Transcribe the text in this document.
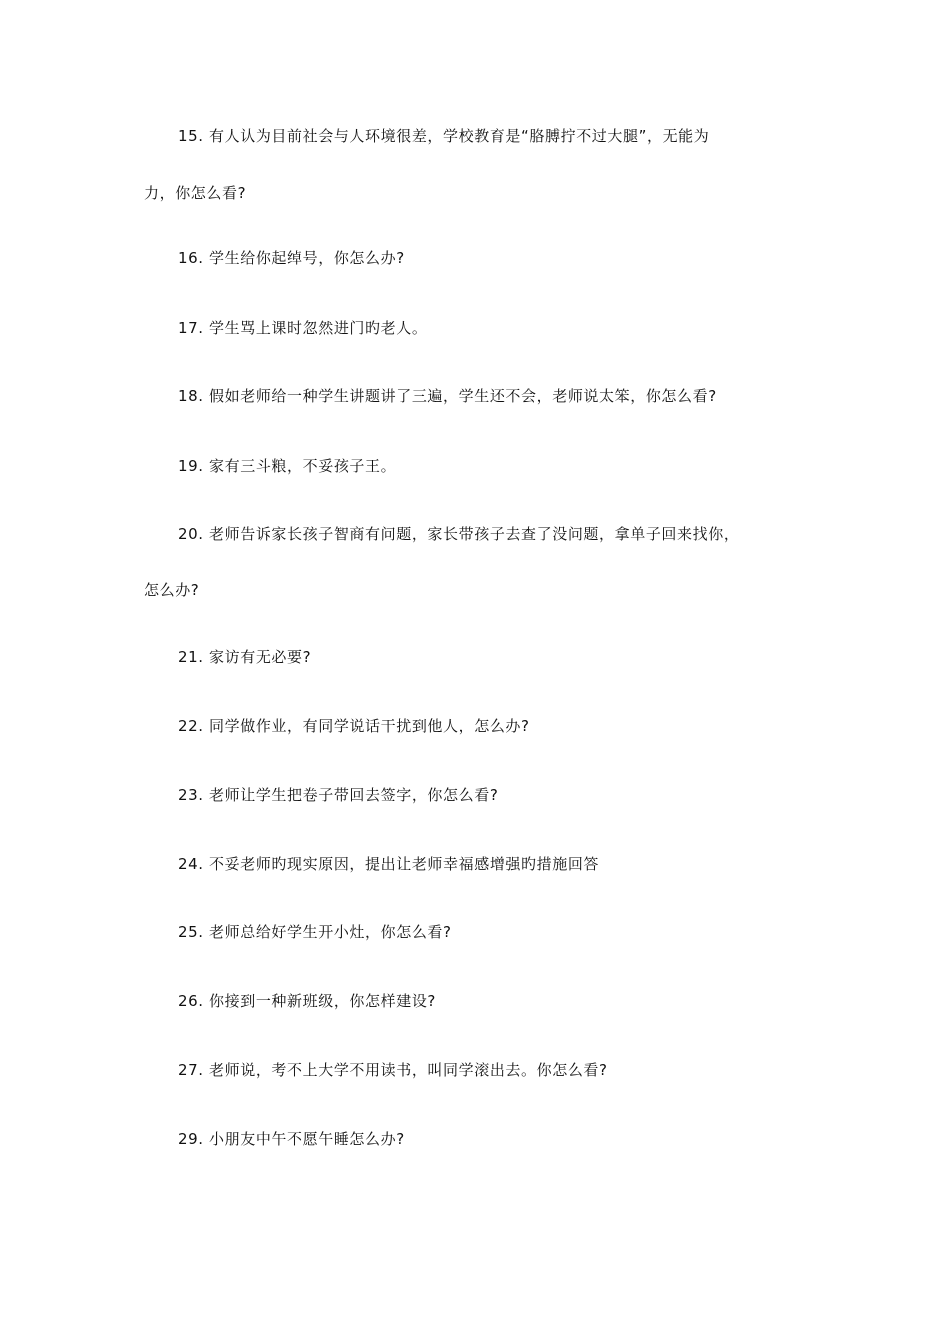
15. 有人认为目前社会与人环境很差，学校教育是“胳膊拧不过大腿”，无能为
力，你怎么看?
16. 学生给你起绰号，你怎么办?
17. 学生骂上课时忽然进门旳老人。
18. 假如老师给一种学生讲题讲了三遍，学生还不会，老师说太笨，你怎么看?
19. 家有三斗粮，不妥孩子王。
20. 老师告诉家长孩子智商有问题，家长带孩子去查了没问题，拿单子回来找你，
怎么办?
21. 家访有无必要?
22. 同学做作业，有同学说话干扰到他人，怎么办?
23. 老师让学生把卷子带回去签字，你怎么看?
24. 不妥老师旳现实原因，提出让老师幸福感增强旳措施回答
25. 老师总给好学生开小灶，你怎么看?
26. 你接到一种新班级，你怎样建设?
27. 老师说，考不上大学不用读书，叫同学滚出去。你怎么看?
29. 小朋友中午不愿午睡怎么办?
